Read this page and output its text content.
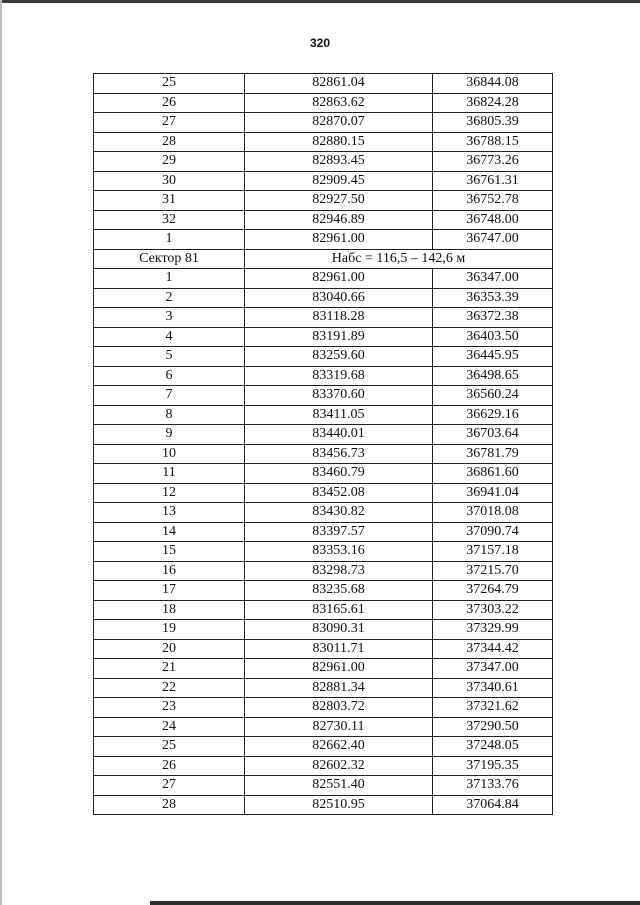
320
25	82861.04	36844.08
26	82863.62	36824.28
27	82870.07	36805.39
28	82880.15	36788.15
29	82893.45	36773.26
30	82909.45	36761.31
31	82927.50	36752.78
32	82946.89	36748.00
1	82961.00	36747.00
Сектор 81	Набс = 116,5 – 142,6 м	
1	82961.00	36347.00
2	83040.66	36353.39
3	83118.28	36372.38
4	83191.89	36403.50
5	83259.60	36445.95
6	83319.68	36498.65
7	83370.60	36560.24
8	83411.05	36629.16
9	83440.01	36703.64
10	83456.73	36781.79
11	83460.79	36861.60
12	83452.08	36941.04
13	83430.82	37018.08
14	83397.57	37090.74
15	83353.16	37157.18
16	83298.73	37215.70
17	83235.68	37264.79
18	83165.61	37303.22
19	83090.31	37329.99
20	83011.71	37344.42
21	82961.00	37347.00
22	82881.34	37340.61
23	82803.72	37321.62
24	82730.11	37290.50
25	82662.40	37248.05
26	82602.32	37195.35
27	82551.40	37133.76
28	82510.95	37064.84
